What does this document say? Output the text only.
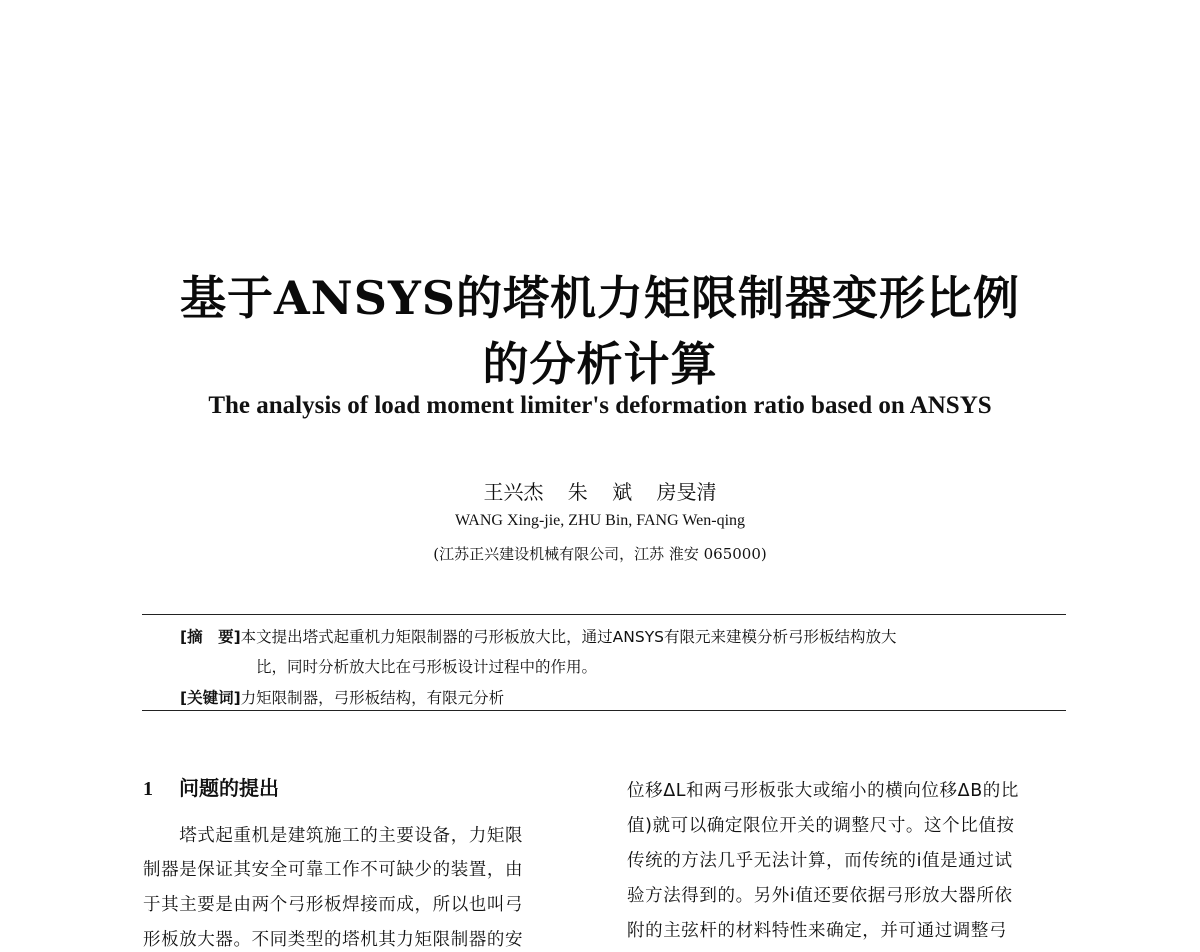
基于ANSYS的塔机力矩限制器变形比例
的分析计算
The analysis of load moment limiter's deformation ratio based on ANSYS
王兴杰 朱 斌 房旻清
WANG Xing-jie, ZHU Bin, FANG Wen-qing
(江苏正兴建设机械有限公司，江苏 淮安 065000)
[摘　要]本文提出塔式起重机力矩限制器的弓形板放大比，通过ANSYS有限元来建模分析弓形板结构放大
比，同时分析放大比在弓形板设计过程中的作用。
[关键词]力矩限制器，弓形板结构，有限元分析
1 问题的提出
　　塔式起重机是建筑施工的主要设备，力矩限
制器是保证其安全可靠工作不可缺少的装置，由
于其主要是由两个弓形板焊接而成，所以也叫弓
形板放大器。不同类型的塔机其力矩限制器的安
位移ΔL和两弓形板张大或缩小的横向位移ΔB的比
值)就可以确定限位开关的调整尺寸。这个比值按
传统的方法几乎无法计算，而传统的i值是通过试
验方法得到的。另外i值还要依据弓形放大器所依
附的主弦杆的材料特性来确定，并可通过调整弓
